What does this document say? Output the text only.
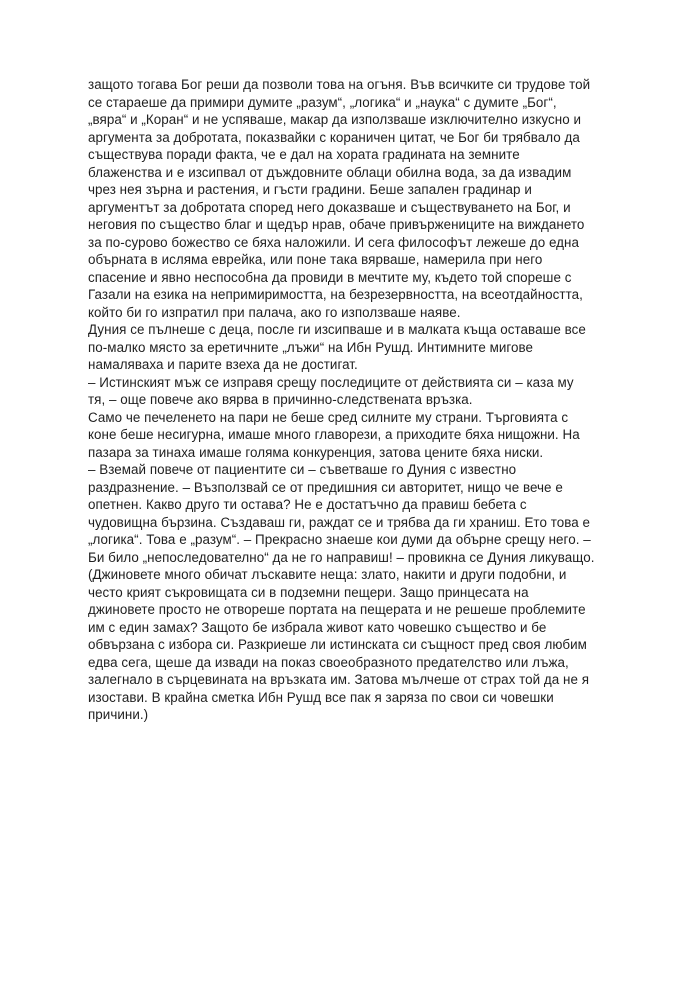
защото тогава Бог реши да позволи това на огъня. Във всичките си трудове той
се стараеше да примири думите „разум“, „логика“ и „наука“ с думите „Бог“,
„вяра“ и „Коран“ и не успяваше, макар да използваше изключително изкусно и
аргумента за добротата, показвайки с кораничен цитат, че Бог би трябвало да
съществува поради факта, че е дал на хората градината на земните
блаженства и е изсипвал от дъждовните облаци обилна вода, за да извадим
чрез нея зърна и растения, и гъсти градини. Беше запален градинар и
аргументът за добротата според него доказваше и съществуването на Бог, и
неговия по същество благ и щедър нрав, обаче привържениците на виждането
за по-сурово божество се бяха наложили. И сега философът лежеше до една
обърната в исляма еврейка, или поне така вярваше, намерила при него
спасение и явно неспособна да провиди в мечтите му, където той спореше с
Газали на езика на непримиримостта, на безрезервността, на всеотдайността,
който би го изпратил при палача, ако го използваше наяве.
Дуния се пълнеше с деца, после ги изсипваше и в малката къща оставаше все
по-малко място за еретичните „лъжи“ на Ибн Рушд. Интимните мигове
намаляваха и парите взеха да не достигат.
– Истинският мъж се изправя срещу последиците от действията си – каза му
тя, – още повече ако вярва в причинно-следствената връзка.
Само че печеленето на пари не беше сред силните му страни. Търговията с
коне беше несигурна, имаше много главорези, а приходите бяха нищожни. На
пазара за тинаха имаше голяма конкуренция, затова цените бяха ниски.
– Вземай повече от пациентите си – съветваше го Дуния с известно
раздразнение. – Възползвай се от предишния си авторитет, нищо че вече е
опетнен. Какво друго ти остава? Не е достатъчно да правиш бебета с
чудовищна бързина. Създаваш ги, раждат се и трябва да ги храниш. Ето това е
„логика“. Това е „разум“. – Прекрасно знаеше кои думи да обърне срещу него. –
Би било „непоследователно“ да не го направиш! – провикна се Дуния ликуващо.
(Джиновете много обичат лъскавите неща: злато, накити и други подобни, и
често крият съкровищата си в подземни пещери. Защо принцесата на
джиновете просто не отвореше портата на пещерата и не решеше проблемите
им с един замах? Защото бе избрала живот като човешко същество и бе
обвързана с избора си. Разкриеше ли истинската си същност пред своя любим
едва сега, щеше да извади на показ своеобразното предателство или лъжа,
залегнало в сърцевината на връзката им. Затова мълчеше от страх той да не я
изостави. В крайна сметка Ибн Рушд все пак я заряза по свои си човешки
причини.)
